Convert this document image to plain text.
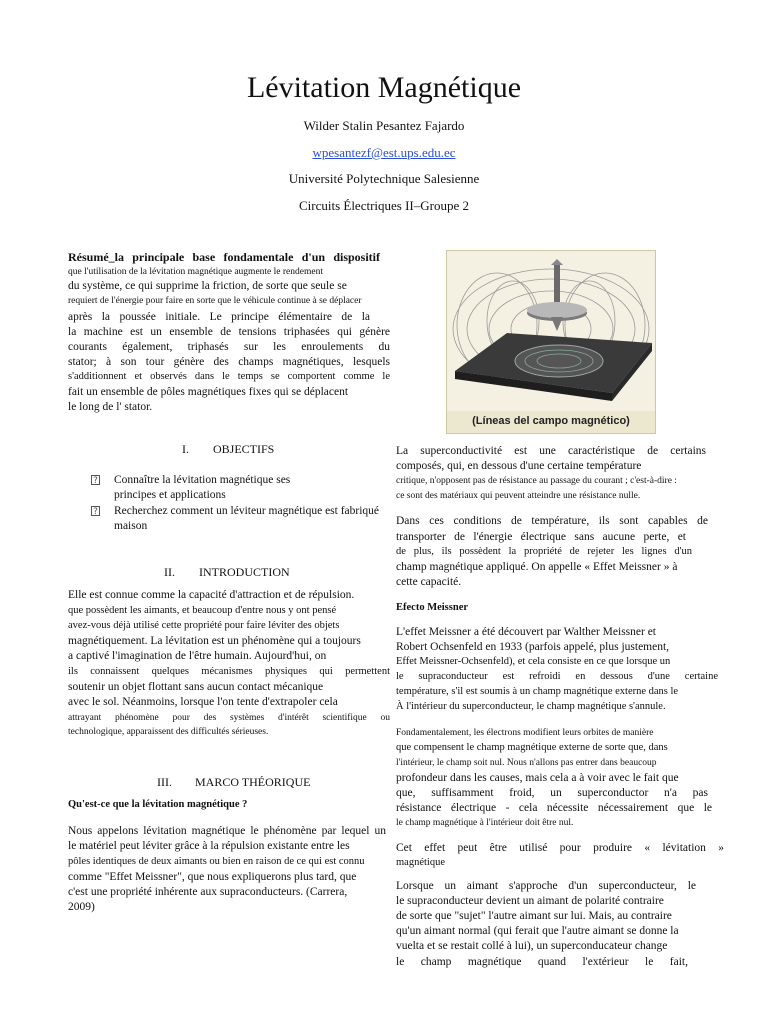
Lévitation Magnétique
Wilder Stalin Pesantez Fajardo
wpesantezf@est.ups.edu.ec
Université Polytechnique Salesienne
Circuits Électriques II–Groupe 2
Résumé_la principale base fondamentale d'un dispositif
que l'utilisation de la lévitation magnétique augmente le rendement
du système, ce qui supprime la friction, de sorte que seule se
requiert de l'énergie pour faire en sorte que le véhicule continue à se déplacer
après la poussée initiale. Le principe élémentaire de la
la machine est un ensemble de tensions triphasées qui génère
courants également, triphasés sur les enroulements du
stator; à son tour génère des champs magnétiques, lesquels
s'additionnent et observés dans le temps se comportent comme le
fait un ensemble de pôles magnétiques fixes qui se déplacent
le long de l' stator.
I. OBJECTIFS
? Connaître la lévitation magnétique ses
principes et applications
? Recherchez comment un léviteur magnétique est fabriqué
maison
II. INTRODUCTION
Elle est connue comme la capacité d'attraction et de répulsion.
que possèdent les aimants, et beaucoup d'entre nous y ont pensé
avez-vous déjà utilisé cette propriété pour faire léviter des objets
magnétiquement. La lévitation est un phénomène qui a toujours
a captivé l'imagination de l'être humain. Aujourd'hui, on
ils connaissent quelques mécanismes physiques qui permettent
soutenir un objet flottant sans aucun contact mécanique
avec le sol. Néanmoins, lorsque l'on tente d'extrapoler cela
attrayant phénomène pour des systèmes d'intérêt scientifique ou
technologique, apparaissent des difficultés sérieuses.
III. MARCO THÉORIQUE
Qu'est-ce que la lévitation magnétique ?
Nous appelons lévitation magnétique le phénomène par lequel un
le matériel peut léviter grâce à la répulsion existante entre les
pôles identiques de deux aimants ou bien en raison de ce qui est connu
comme "Effet Meissner", que nous expliquerons plus tard, que
c'est une propriété inhérente aux supraconducteurs. (Carrera,
2009)
(Líneas del campo magnético)
La superconductivité est une caractéristique de certains
composés, qui, en dessous d'une certaine température
critique, n'opposent pas de résistance au passage du courant ; c'est-à-dire :
ce sont des matériaux qui peuvent atteindre une résistance nulle.
Dans ces conditions de température, ils sont capables de
transporter de l'énergie électrique sans aucune perte, et
de plus, ils possèdent la propriété de rejeter les lignes d'un
champ magnétique appliqué. On appelle « Effet Meissner » à
cette capacité.
Efecto Meissner
L'effet Meissner a été découvert par Walther Meissner et
Robert Ochsenfeld en 1933 (parfois appelé, plus justement,
Effet Meissner-Ochsenfeld), et cela consiste en ce que lorsque un
le supraconducteur est refroidi en dessous d'une certaine
température, s'il est soumis à un champ magnétique externe dans le
À l'intérieur du superconducteur, le champ magnétique s'annule.
Fondamentalement, les électrons modifient leurs orbites de manière
que compensent le champ magnétique externe de sorte que, dans
l'intérieur, le champ soit nul. Nous n'allons pas entrer dans beaucoup
profondeur dans les causes, mais cela a à voir avec le fait que
que, suffisamment froid, un superconductor n'a pas
résistance électrique - cela nécessite nécessairement que le
le champ magnétique à l'intérieur doit être nul.
Cet effet peut être utilisé pour produire « lévitation »
magnétique
Lorsque un aimant s'approche d'un superconducteur, le
le supraconducteur devient un aimant de polarité contraire
de sorte que "sujet" l'autre aimant sur lui. Mais, au contraire
qu'un aimant normal (qui ferait que l'autre aimant se donne la
vuelta et se restait collé à lui), un superconducateur change
le champ magnétique quand l'extérieur le fait,
